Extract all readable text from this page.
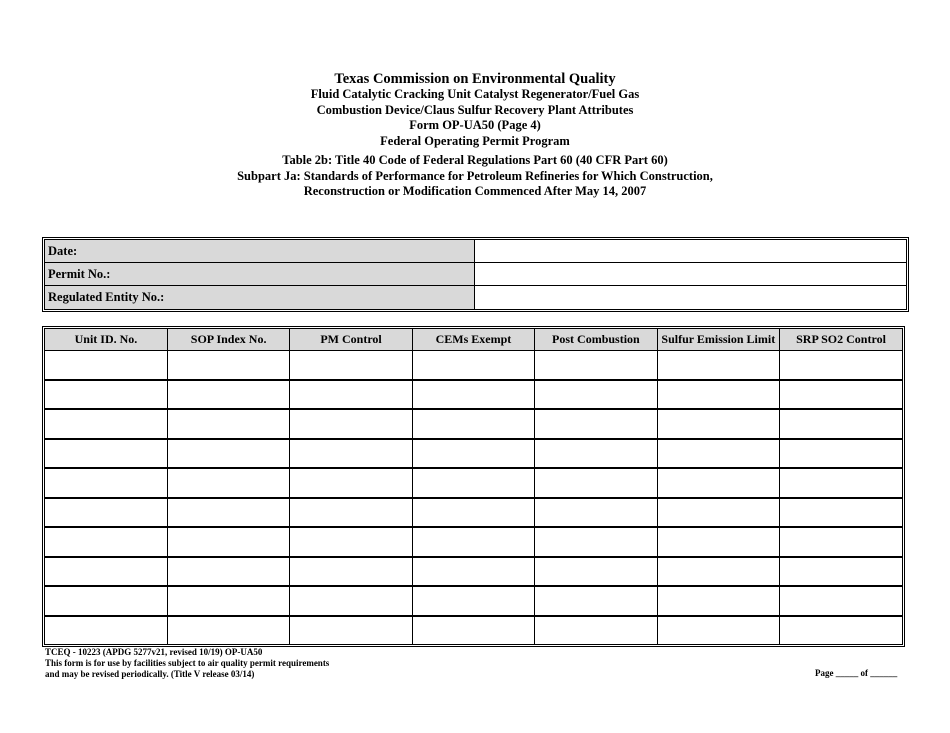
Texas Commission on Environmental Quality
Fluid Catalytic Cracking Unit Catalyst Regenerator/Fuel Gas
Combustion Device/Claus Sulfur Recovery Plant Attributes
Form OP-UA50 (Page 4)
Federal Operating Permit Program
Table 2b: Title 40 Code of Federal Regulations Part 60 (40 CFR Part 60)
Subpart Ja: Standards of Performance for Petroleum Refineries for Which Construction,
Reconstruction or Modification Commenced After May 14, 2007
Date:
Permit No.:
Regulated Entity No.:
Unit ID. No.	SOP Index No.	PM Control	CEMs Exempt	Post Combustion	Sulfur Emission Limit	SRP SO2 Control

TCEQ - 10223 (APDG 5277v21, revised 10/19) OP-UA50
This form is for use by facilities subject to air quality permit requirements
and may be revised periodically. (Title V release 03/14)	Page _____ of ______
